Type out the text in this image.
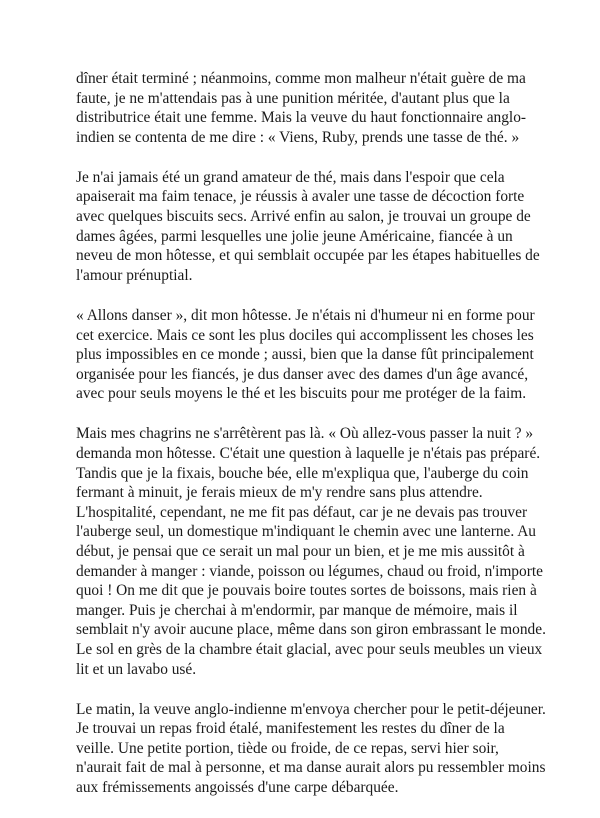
dîner était terminé ; néanmoins, comme mon malheur n'était guère de ma
faute, je ne m'attendais pas à une punition méritée, d'autant plus que la
distributrice était une femme. Mais la veuve du haut fonctionnaire anglo-
indien se contenta de me dire : « Viens, Ruby, prends une tasse de thé. »

Je n'ai jamais été un grand amateur de thé, mais dans l'espoir que cela
apaiserait ma faim tenace, je réussis à avaler une tasse de décoction forte
avec quelques biscuits secs. Arrivé enfin au salon, je trouvai un groupe de
dames âgées, parmi lesquelles une jolie jeune Américaine, fiancée à un
neveu de mon hôtesse, et qui semblait occupée par les étapes habituelles de
l'amour prénuptial.

« Allons danser », dit mon hôtesse. Je n'étais ni d'humeur ni en forme pour
cet exercice. Mais ce sont les plus dociles qui accomplissent les choses les
plus impossibles en ce monde ; aussi, bien que la danse fût principalement
organisée pour les fiancés, je dus danser avec des dames d'un âge avancé,
avec pour seuls moyens le thé et les biscuits pour me protéger de la faim.

Mais mes chagrins ne s'arrêtèrent pas là. « Où allez-vous passer la nuit ? »
demanda mon hôtesse. C'était une question à laquelle je n'étais pas préparé.
Tandis que je la fixais, bouche bée, elle m'expliqua que, l'auberge du coin
fermant à minuit, je ferais mieux de m'y rendre sans plus attendre.
L'hospitalité, cependant, ne me fit pas défaut, car je ne devais pas trouver
l'auberge seul, un domestique m'indiquant le chemin avec une lanterne. Au
début, je pensai que ce serait un mal pour un bien, et je me mis aussitôt à
demander à manger : viande, poisson ou légumes, chaud ou froid, n'importe
quoi ! On me dit que je pouvais boire toutes sortes de boissons, mais rien à
manger. Puis je cherchai à m'endormir, par manque de mémoire, mais il
semblait n'y avoir aucune place, même dans son giron embrassant le monde.
Le sol en grès de la chambre était glacial, avec pour seuls meubles un vieux
lit et un lavabo usé.

Le matin, la veuve anglo-indienne m'envoya chercher pour le petit-déjeuner.
Je trouvai un repas froid étalé, manifestement les restes du dîner de la
veille. Une petite portion, tiède ou froide, de ce repas, servi hier soir,
n'aurait fait de mal à personne, et ma danse aurait alors pu ressembler moins
aux frémissements angoissés d'une carpe débarquée.
